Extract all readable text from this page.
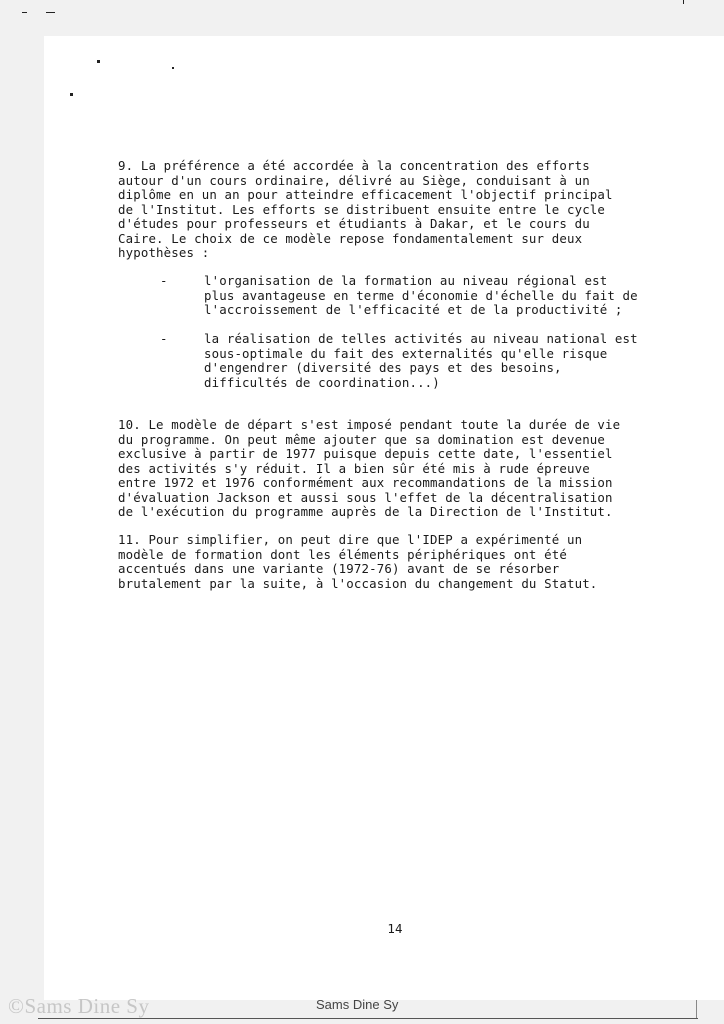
9. La préférence a été accordée à la concentration des efforts
autour d'un cours ordinaire, délivré au Siège, conduisant à un
diplôme en un an pour atteindre efficacement l'objectif principal
de l'Institut. Les efforts se distribuent ensuite entre le cycle
d'études pour professeurs et étudiants à Dakar, et le cours du
Caire. Le choix de ce modèle repose fondamentalement sur deux
hypothèses :
-	l'organisation de la formation au niveau régional est
plus avantageuse en terme d'économie d'échelle du fait de
l'accroissement de l'efficacité et de la productivité ;
-	la réalisation de telles activités au niveau national est
sous-optimale du fait des externalités qu'elle risque
d'engendrer (diversité des pays et des besoins,
difficultés de coordination...)
10. Le modèle de départ s'est imposé pendant toute la durée de vie
du programme. On peut même ajouter que sa domination est devenue
exclusive à partir de 1977 puisque depuis cette date, l'essentiel
des activités s'y réduit. Il a bien sûr été mis à rude épreuve
entre 1972 et 1976 conformément aux recommandations de la mission
d'évaluation Jackson et aussi sous l'effet de la décentralisation
de l'exécution du programme auprès de la Direction de l'Institut.
11. Pour simplifier, on peut dire que l'IDEP a expérimenté un
modèle de formation dont les éléments périphériques ont été
accentués dans une variante (1972-76) avant de se résorber
brutalement par la suite, à l'occasion du changement du Statut.
14
©Sams Dine Sy	Sams Dine Sy
